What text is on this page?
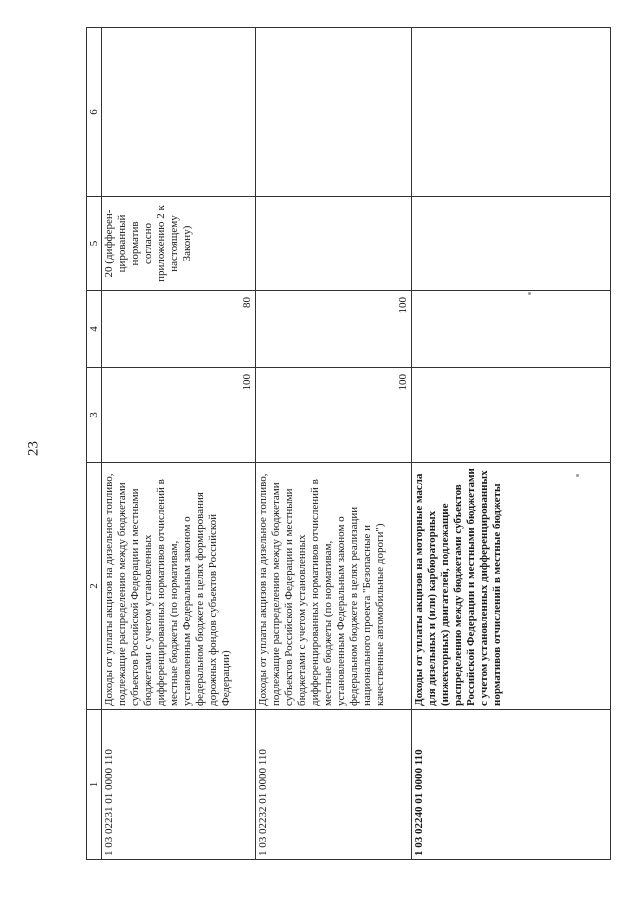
23
1	2	3	4	5	6
1 03 02231 01 0000 110	Доходы от уплаты акцизов на дизельное топливо, подлежащие распределению между бюджетами субъектов Российской Федерации и местными бюджетами с учетом установленных дифференцированных нормативов отчислений в местные бюджеты (по нормативам, установленным Федеральным законом о федеральном бюджете в целях формирования дорожных фондов субъектов Российской Федерации)	100	80	20 (дифферен- цированный норматив согласно приложению 2 к настоящему Закону)	
1 03 02232 01 0000 110	Доходы от уплаты акцизов на дизельное топливо, подлежащие распределению между бюджетами субъектов Российской Федерации и местными бюджетами с учетом установленных дифференцированных нормативов отчислений в местные бюджеты (по нормативам, установленным Федеральным законом о федеральном бюджете в целях реализации национального проекта "Безопасные и качественные автомобильные дороги")	100	100		
1 03 02240 01 0000 110	Доходы от уплаты акцизов на моторные масла для дизельных и (или) карбюраторных (инжекторных) двигателей, подлежащие распределению между бюджетами субъектов Российской Федерации и местными бюджетами с учетом установленных дифференцированных нормативов отчислений в местные бюджеты				
